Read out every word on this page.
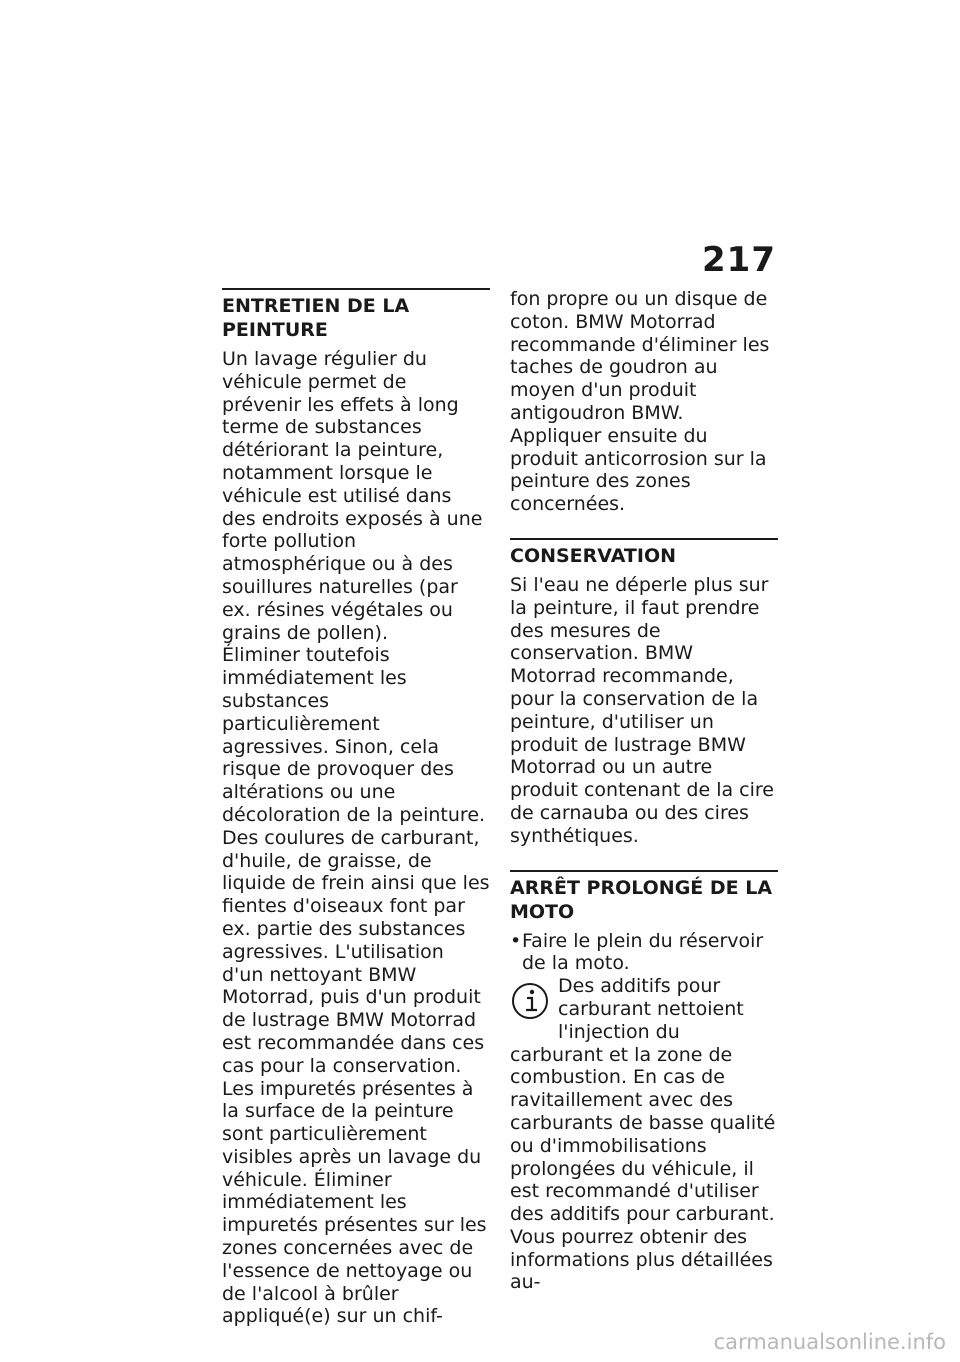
217
ENTRETIEN DE LA PEINTURE

Un lavage régulier du véhicule permet de prévenir les effets à long terme de substances détériorant la peinture, notamment lorsque le véhicule est utilisé dans des endroits exposés à une forte pollution atmosphérique ou à des souillures naturelles (par ex. résines végétales ou grains de pollen).

Éliminer toutefois immédiatement les substances particulièrement agressives. Sinon, cela risque de provoquer des altérations ou une décoloration de la peinture. Des coulures de carburant, d'huile, de graisse, de liquide de frein ainsi que les fientes d'oiseaux font par ex. partie des substances agressives. L'utilisation d'un nettoyant BMW Motorrad, puis d'un produit de lustrage BMW Motorrad est recommandée dans ces cas pour la conservation.

Les impuretés présentes à la surface de la peinture sont particulièrement visibles après un lavage du véhicule. Éliminer immédiatement les impuretés présentes sur les zones concernées avec de l'essence de nettoyage ou de l'alcool à brûler appliqué(e) sur un chif-

fon propre ou un disque de coton. BMW Motorrad recommande d'éliminer les taches de goudron au moyen d'un produit antigoudron BMW. Appliquer ensuite du produit anticorrosion sur la peinture des zones concernées.

CONSERVATION

Si l'eau ne déperle plus sur la peinture, il faut prendre des mesures de conservation. BMW Motorrad recommande, pour la conservation de la peinture, d'utiliser un produit de lustrage BMW Motorrad ou un autre produit contenant de la cire de carnauba ou des cires synthétiques.

ARRÊT PROLONGÉ DE LA MOTO
• Faire le plein du réservoir de la moto.

Des additifs pour carburant nettoient l'injection du carburant et la zone de combustion. En cas de ravitaillement avec des carburants de basse qualité ou d'immobilisations prolongées du véhicule, il est recommandé d'utiliser des additifs pour carburant. Vous pourrez obtenir des informations plus détaillées au-

carmanualsonline.info
